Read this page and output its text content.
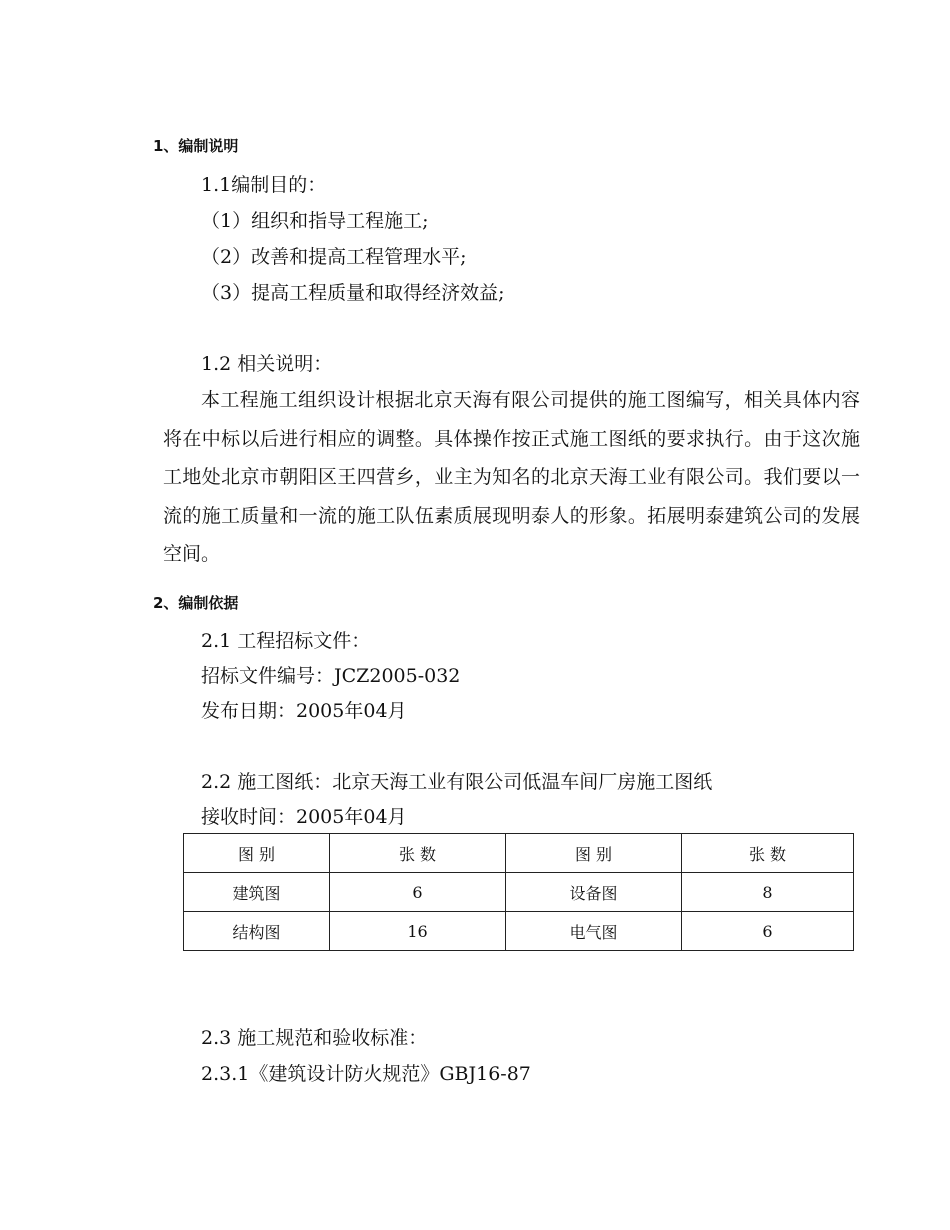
1、编制说明
1.1编制目的：
（1）组织和指导工程施工;
（2）改善和提高工程管理水平;
（3）提高工程质量和取得经济效益;
1.2 相关说明：
本工程施工组织设计根据北京天海有限公司提供的施工图编写，相关具体内容将在中标以后进行相应的调整。具体操作按正式施工图纸的要求执行。由于这次施工地处北京市朝阳区王四营乡，业主为知名的北京天海工业有限公司。我们要以一流的施工质量和一流的施工队伍素质展现明泰人的形象。拓展明泰建筑公司的发展空间。
2、编制依据
2.1 工程招标文件：
招标文件编号：JCZ2005-032
发布日期：2005年04月
2.2 施工图纸：北京天海工业有限公司低温车间厂房施工图纸
接收时间：2005年04月
图 别	张 数	图 别	张 数
建筑图	6	设备图	8
结构图	16	电气图	6
2.3 施工规范和验收标准：
2.3.1《建筑设计防火规范》GBJ16-87
